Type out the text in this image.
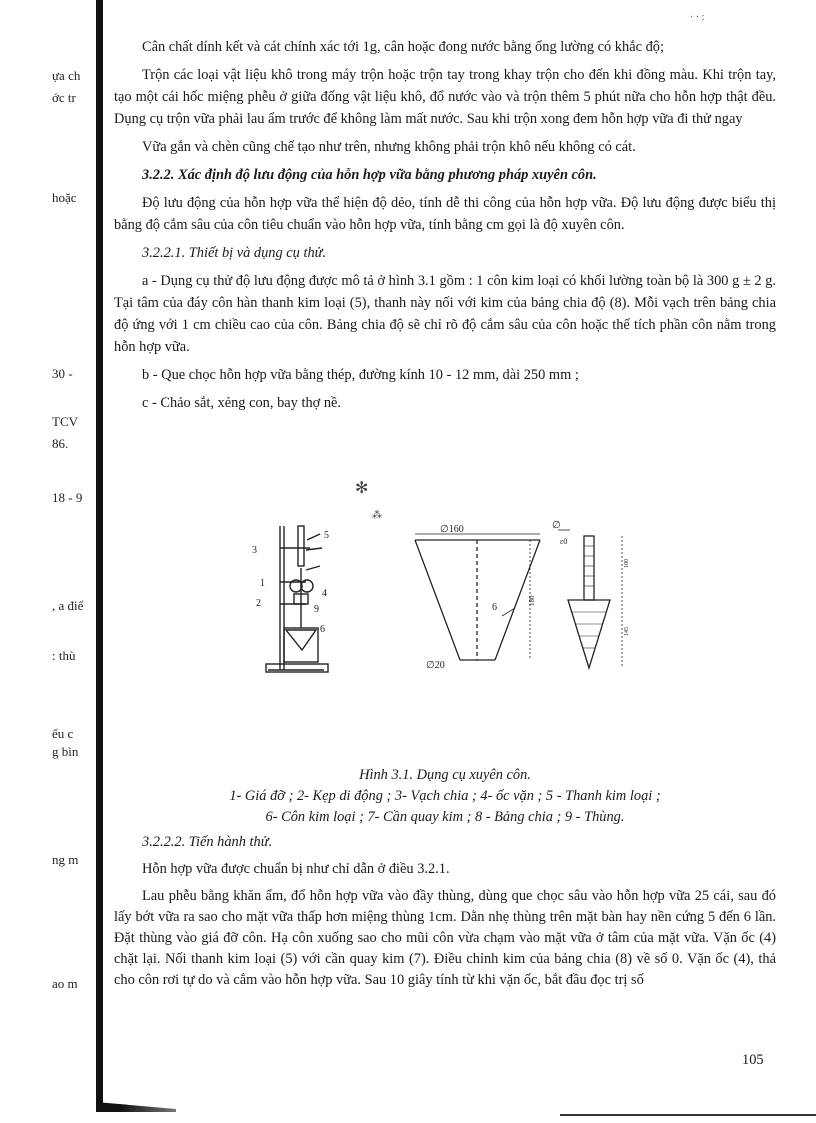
ựa ch
ớc tr
hoặc
30 -
TCV
86.
18 - 9
, a điể
: thù
ếu c
g bìn
ng m
ao m

Cân chất dính kết và cát chính xác tới 1g, cân hoặc đong nước bằng ống lường có khắc độ;

Trộn các loại vật liệu khô trong máy trộn hoặc trộn tay trong khay trộn cho đến khi đồng màu. Khi trộn tay, tạo một cái hốc miệng phễu ở giữa đống vật liệu khô, đổ nước vào và trộn thêm 5 phút nữa cho hỗn hợp thật đều. Dụng cụ trộn vữa phải lau ẩm trước để không làm mất nước. Sau khi trộn xong đem hỗn hợp vữa đi thử ngay

Vữa gắn và chèn cũng chế tạo như trên, nhưng không phải trộn khô nếu không có cát.

3.2.2. Xác định độ lưu động của hỗn hợp vữa bằng phương pháp xuyên côn.

Độ lưu động của hỗn hợp vữa thể hiện độ dẻo, tính dễ thi công của hỗn hợp vữa. Độ lưu động được biểu thị bằng độ cắm sâu của côn tiêu chuẩn vào hỗn hợp vữa, tính bằng cm gọi là độ xuyên côn.

3.2.2.1. Thiết bị và dụng cụ thử.

a - Dụng cụ thử độ lưu động được mô tả ở hình 3.1 gồm : 1 côn kim loại có khối lường toàn bộ là 300 g ± 2 g. Tại tâm của đáy côn hàn thanh kim loại (5), thanh này nối với kim của bảng chia độ (8). Mỗi vạch trên bảng chia độ ứng với 1 cm chiều cao của côn. Bảng chia độ sẽ chỉ rõ độ cắm sâu của côn hoặc thể tích phần côn nằm trong hỗn hợp vữa.

b - Que chọc hỗn hợp vữa bằng thép, đường kính 10 - 12 mm, dài 250 mm ;

c - Chảo sắt, xẻng con, bay thợ nề.

· · :
✻
⁂
3
1
2
5
4
9
6
∅160
∅20
180
6
∅
ε0
100
145
Hình 3.1. Dụng cụ xuyên côn.
1- Giá đỡ ; 2- Kẹp di động ; 3- Vạch chia ; 4- ốc vặn ; 5 - Thanh kim loại ;
6- Côn kim loại ; 7- Cần quay kim ; 8 - Bảng chia ; 9 - Thùng.

3.2.2.2. Tiến hành thử.

Hỗn hợp vữa được chuẩn bị như chỉ dẫn ở điều 3.2.1.

Lau phễu bằng khăn ẩm, đổ hỗn hợp vữa vào đầy thùng, dùng que chọc sâu vào hỗn hợp vữa 25 cái, sau đó lấy bớt vữa ra sao cho mặt vữa thấp hơn miệng thùng 1cm. Dằn nhẹ thùng trên mặt bàn hay nền cứng 5 đến 6 lần. Đặt thùng vào giá đỡ côn. Hạ côn xuống sao cho mũi côn vừa chạm vào mặt vữa ở tâm của mặt vữa. Vặn ốc (4) chặt lại. Nối thanh kim loại (5) với cần quay kim (7). Điều chỉnh kim của bảng chia (8) về số 0. Vặn ốc (4), thả cho côn rơi tự do và cắm vào hỗn hợp vữa. Sau 10 giây tính từ khi vặn ốc, bắt đầu đọc trị số

105
